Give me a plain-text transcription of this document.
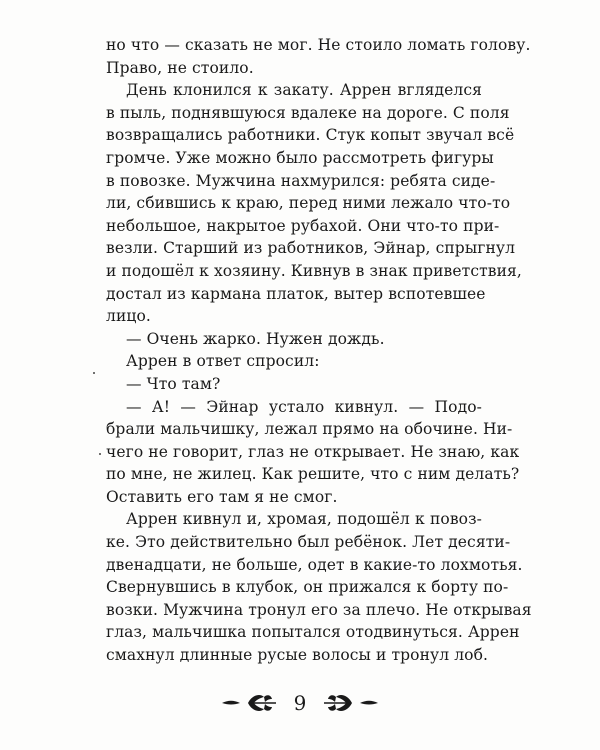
но что — сказать не мог. Не стоило ломать голову.
Право, не стоило.

День клонился к закату. Аррен вгляделся
в пыль, поднявшуюся вдалеке на дороге. С поля
возвращались работники. Стук копыт звучал всё
громче. Уже можно было рассмотреть фигуры
в повозке. Мужчина нахмурился: ребята сиде-
ли, сбившись к краю, перед ними лежало что-то
небольшое, накрытое рубахой. Они что-то при-
везли. Старший из работников, Эйнар, спрыгнул
и подошёл к хозяину. Кивнув в знак приветствия,
достал из кармана платок, вытер вспотевшее
лицо.

— Очень жарко. Нужен дождь.

Аррен в ответ спросил:

— Что там?

— А! — Эйнар устало кивнул. — Подо-
брали мальчишку, лежал прямо на обочине. Ни-
чего не говорит, глаз не открывает. Не знаю, как
по мне, не жилец. Как решите, что с ним делать?
Оставить его там я не смог.

Аррен кивнул и, хромая, подошёл к повоз-
ке. Это действительно был ребёнок. Лет десяти-
двенадцати, не больше, одет в какие-то лохмотья.
Свернувшись в клубок, он прижался к борту по-
возки. Мужчина тронул его за плечо. Не открывая
глаз, мальчишка попытался отодвинуться. Аррен
смахнул длинные русые волосы и тронул лоб.

9
